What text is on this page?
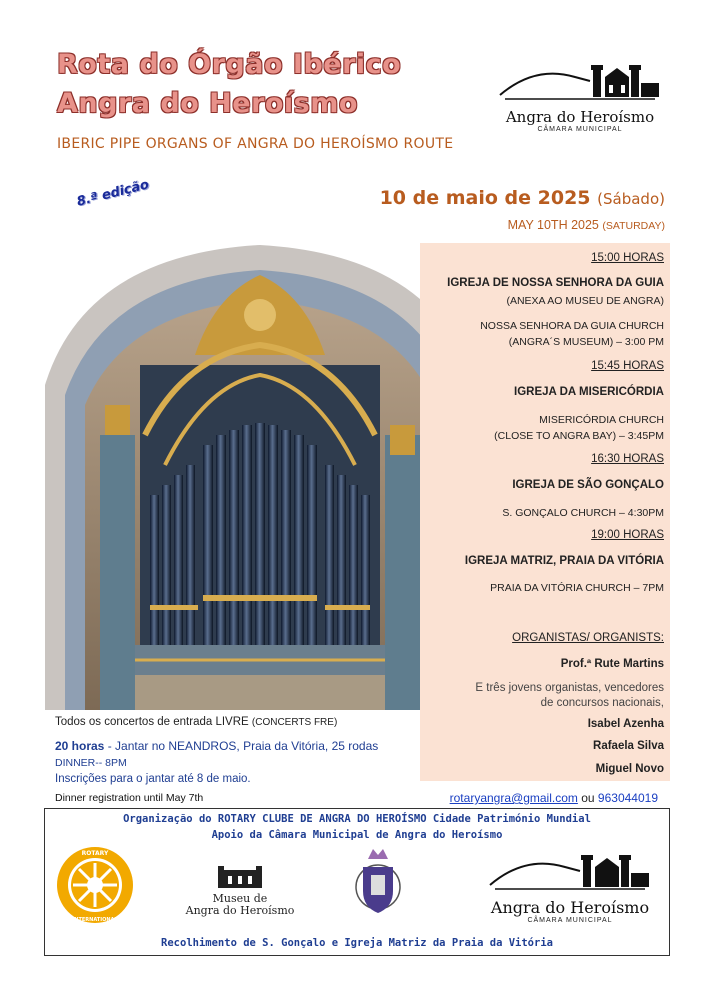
Rota do Órgão Ibérico
Angra do Heroísmo
IBERIC PIPE ORGANS OF ANGRA DO HEROÍSMO ROUTE
Angra do Heroísmo
CÂMARA MUNICIPAL
8.ª edição	10 de maio de 2025 (Sábado)
MAY 10TH 2025 (SATURDAY)
15:00 HORAS
IGREJA DE NOSSA SENHORA DA GUIA
(ANEXA AO MUSEU DE ANGRA)
NOSSA SENHORA DA GUIA CHURCH
(ANGRA´S MUSEUM) – 3:00 PM
15:45 HORAS
IGREJA DA MISERICÓRDIA
MISERICÓRDIA CHURCH
(CLOSE TO ANGRA BAY) – 3:45PM
16:30 HORAS
IGREJA DE SÃO GONÇALO
S. GONÇALO CHURCH – 4:30PM
19:00 HORAS
IGREJA MATRIZ, PRAIA DA VITÓRIA
PRAIA DA VITÓRIA CHURCH – 7PM
ORGANISTAS/ ORGANISTS:
Prof.ª Rute Martins
E três jovens organistas, vencedores
de concursos nacionais,
Isabel Azenha
Rafaela Silva
Miguel Novo
Todos os concertos de entrada LIVRE (CONCERTS FRE)
20 horas - Jantar no NEANDROS, Praia da Vitória, 25 rodas
DINNER-- 8PM
Inscrições para o jantar até 8 de maio.
Dinner registration until May 7th	rotaryangra@gmail.com ou 963044019
Organização do ROTARY CLUBE DE ANGRA DO HEROÍSMO Cidade Património Mundial
Apoio da Câmara Municipal de Angra do Heroísmo
ROTARY
INTERNATIONAL
Museu de
Angra do Heroísmo	Angra do Heroísmo
CÂMARA MUNICIPAL
Recolhimento de S. Gonçalo e Igreja Matriz da Praia da Vitória
